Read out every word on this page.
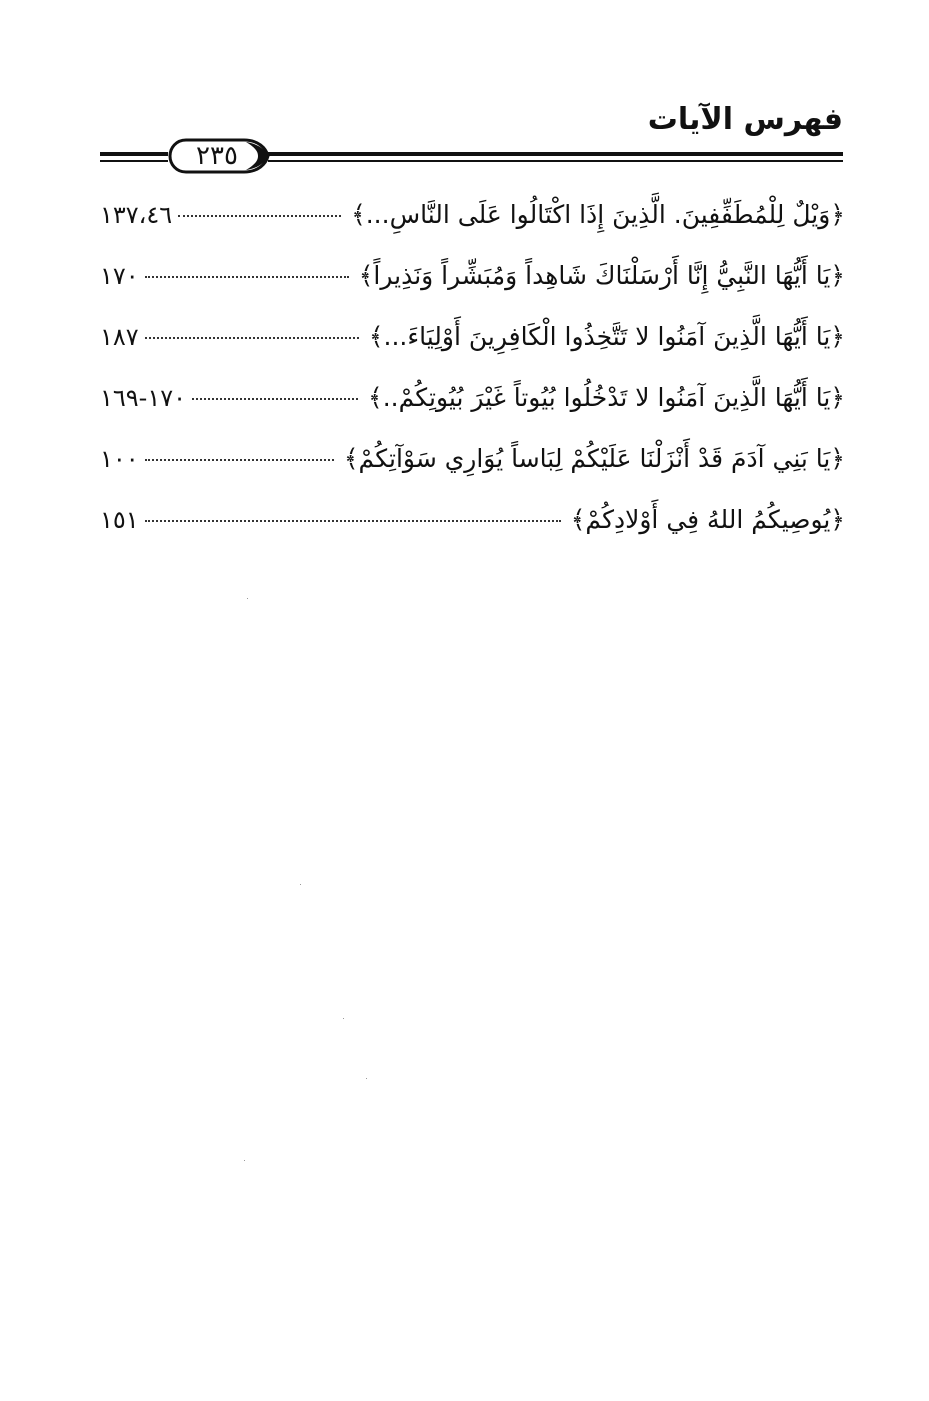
فهرس الآيات
٢٣٥
١٣٧،٤٦	﴿وَيْلٌ لِلْمُطَفِّفِينَ. الَّذِينَ إِذَا اكْتَالُوا عَلَى النَّاسِ...﴾
١٧٠	﴿يَا أَيُّهَا النَّبِيُّ إِنَّا أَرْسَلْنَاكَ شَاهِداً وَمُبَشِّراً وَنَذِيراً﴾
١٨٧	﴿يَا أَيُّهَا الَّذِينَ آمَنُوا لا تَتَّخِذُوا الْكَافِرِينَ أَوْلِيَاءَ...﴾
١٧٠-١٦٩	﴿يَا أَيُّهَا الَّذِينَ آمَنُوا لا تَدْخُلُوا بُيُوتاً غَيْرَ بُيُوتِكُمْ..﴾
١٠٠	﴿يَا بَنِي آدَمَ قَدْ أَنْزَلْنَا عَلَيْكُمْ لِبَاساً يُوَارِي سَوْآتِكُمْ﴾
١٥١	﴿يُوصِيكُمُ اللهُ فِي أَوْلادِكُمْ﴾
